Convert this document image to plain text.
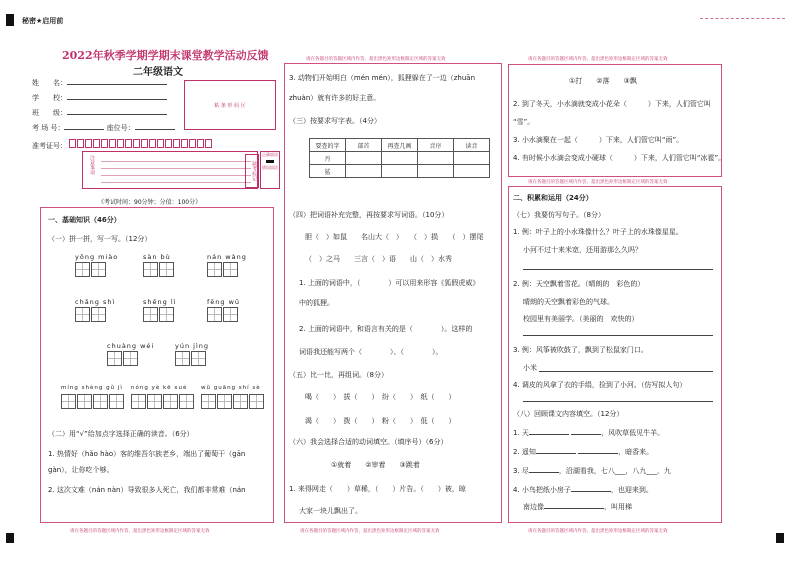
秘密★启用前
2022年秋季学期学期末课堂教学活动反馈
二年级语文
姓　　名：
学　　校：
班　　级：
考 场 号：	座位号：
准考证号：
粘 条 形 码 区
注意事项
正确填涂
错误填涂
缺考标记
《考试时间：90分钟；分值：100分》
一、基础知识（46分）
（一）拼一拼，写一写。（12分）
yōng miào	sàn bù	nán wàng
chǎng shì	shēng lì	fēng wū
chuàng wéi	yún jìng
míng shèng gǔ jì nóng yè kē xué wǔ guāng shí sè
（二）用“√”给加点字选择正确的读音。（6分）
1. 热情好（hǎo hào）客的维吾尔族老乡，端出了葡萄干（gān
gàn），让你吃个够。
2. 这次文难（nán nàn）导致很多人死亡，我们都非常难（nán
请在各题目的答题区域内作答，超出黑色矩形边框限定区域的答案无效
请在各题目的答题区域内作答，超出黑色矩形边框限定区域的答案无效
3. 动物们开始明白（mén mén），狐狸躲在了一边（zhuān
zhuàn）就有许多的好主意。
（三）按要求写字表。（4分）
要查的字	部首	再查几画	音序	读音
丹				
鲨				
（四）把词语补充完整，再按要求写词语。（10分）
胆（　）如鼠　　名山大（　）　　（　）损　　（　）摆尾
（　）之马　　三言（　）语　　山（　）水秀
1. 上面的词语中，（　　　　）可以用来形容《狐假虎威》
中的狐狸。
2. 上面的词语中，和语言有关的是（　　　　）。这样的
词语我还能写两个（　　　　）、（　　　　）。
（五）比一比，再组词。（8分）
喝（　　）　拔（　　）　纷（　　）　纸（　　）
渴（　　）　拨（　　）　粉（　　）　低（　　）
（六）我会选择合适的动词填空。（填序号）（6分）
①就着　　②审着　　③跳着
1. 来得网走（　　）草稀，（　　）片告。（　　）被，晾
大家一块儿飘出了。
请在各题目的答题区域内作答，超出黑色矩形边框限定区域的答案无效
请在各题目的答题区域内作答，超出黑色矩形边框限定区域的答案无效
①打　　②落　　③飘
2. 到了冬天，小水滴就变成小花朵（　　　）下来，人们管它叫
“雪”。
3. 小水滴聚在一起（　　　）下来，人们管它叫“雨”。
4. 有时候小水滴会变成小硬球（　　　）下来，人们管它叫“冰雹”。
请在各题目的答题区域内作答，超出黑色矩形边框限定区域的答案无效
二、积累和运用（24分）
（七）我要仿写句子。（8分）
1. 例：叶子上的小水珠像什么？叶子上的水珠像星星。
小河不过十来米宽，还用游那么久吗？
2. 例：天空飘着雪花。（晴朗的　彩色的）
晴朗的天空飘着彩色的气球。
校园里有美丽学。（美丽的　欢快的）
3. 例：风筝被吹鼓了，飘到了松鼠家门口。
小米
4. 调皮的风拿了衣的手绢，捡到了小河。（仿写拟人句）
（八）回顾课文内容填空。（12分）
1. 天	，风吹草低见牛羊。
2. 遥知	，暗香来。
3. 尽	，沿湖看我，七八___，八九___，九
4. 小鸟把纸小房子	，也迎来到。
南边像	，叫用梯
请在各题目的答题区域内作答，超出黑色矩形边框限定区域的答案无效
